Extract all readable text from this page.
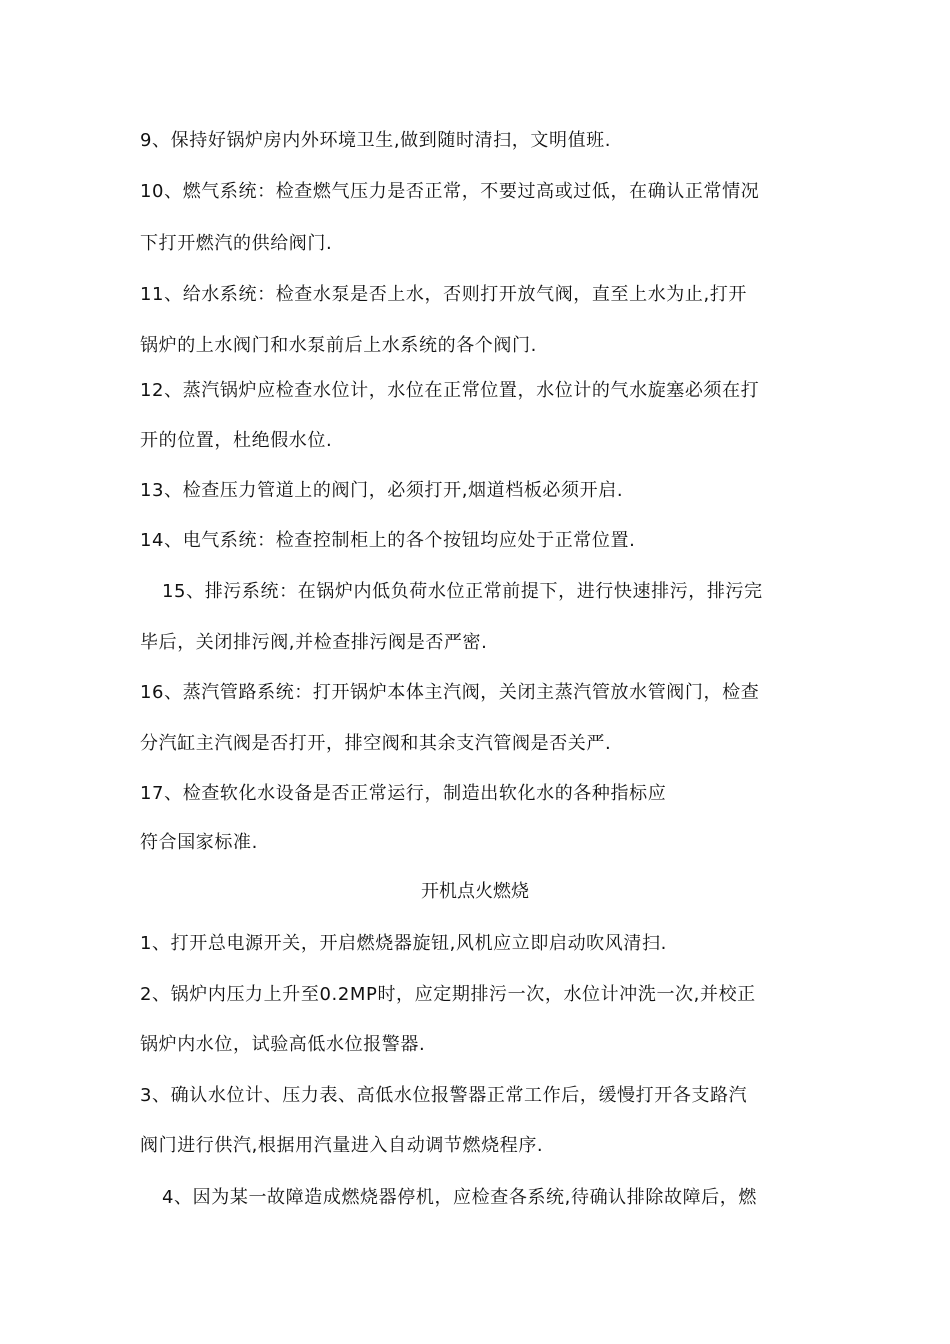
9、保持好锅炉房内外环境卫生,做到随时清扫，文明值班.
10、燃气系统：检查燃气压力是否正常，不要过高或过低，在确认正常情况
下打开燃汽的供给阀门.
11、给水系统：检查水泵是否上水，否则打开放气阀，直至上水为止,打开
锅炉的上水阀门和水泵前后上水系统的各个阀门.
12、蒸汽锅炉应检查水位计，水位在正常位置，水位计的气水旋塞必须在打
开的位置，杜绝假水位.
13、检查压力管道上的阀门，必须打开,烟道档板必须开启.
14、电气系统：检查控制柜上的各个按钮均应处于正常位置.
15、排污系统：在锅炉内低负荷水位正常前提下，进行快速排污，排污完
毕后，关闭排污阀,并检查排污阀是否严密.
16、蒸汽管路系统：打开锅炉本体主汽阀，关闭主蒸汽管放水管阀门，检查
分汽缸主汽阀是否打开，排空阀和其余支汽管阀是否关严.
17、检查软化水设备是否正常运行，制造出软化水的各种指标应
符合国家标准.
开机点火燃烧
1、打开总电源开关，开启燃烧器旋钮,风机应立即启动吹风清扫.
2、锅炉内压力上升至0.2MP时，应定期排污一次，水位计冲洗一次,并校正
锅炉内水位，试验高低水位报警器.
3、确认水位计、压力表、高低水位报警器正常工作后，缓慢打开各支路汽
阀门进行供汽,根据用汽量进入自动调节燃烧程序.
4、因为某一故障造成燃烧器停机，应检查各系统,待确认排除故障后，燃
